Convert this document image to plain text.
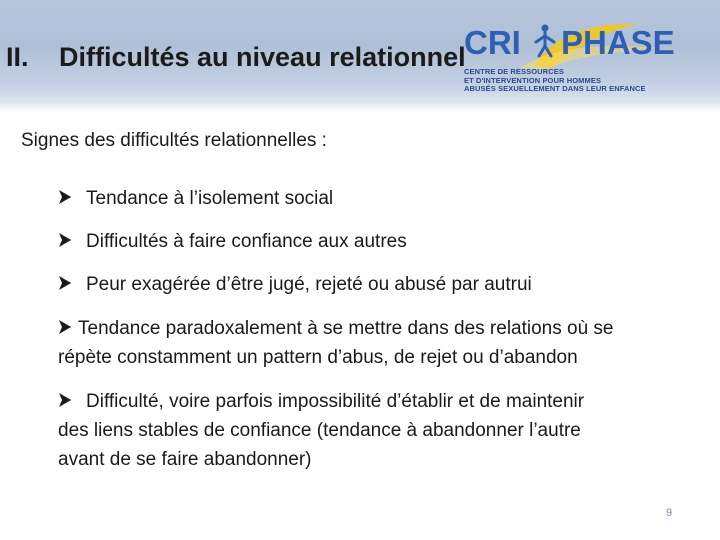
II. Difficultés au niveau relationnel
CRI PHASE
CENTRE DE RESSOURCES
ET D'INTERVENTION POUR HOMMES
ABUSÉS SEXUELLEMENT DANS LEUR ENFANCE
Signes des difficultés relationnelles :
Tendance à l’isolement social
Difficultés à faire confiance aux autres
Peur exagérée d’être jugé, rejeté ou abusé par autrui
Tendance paradoxalement à se mettre dans des relations où se
répète constamment un pattern d’abus, de rejet ou d’abandon
Difficulté, voire parfois impossibilité d’établir et de maintenir
des liens stables de confiance (tendance à abandonner l’autre
avant de se faire abandonner)
9
